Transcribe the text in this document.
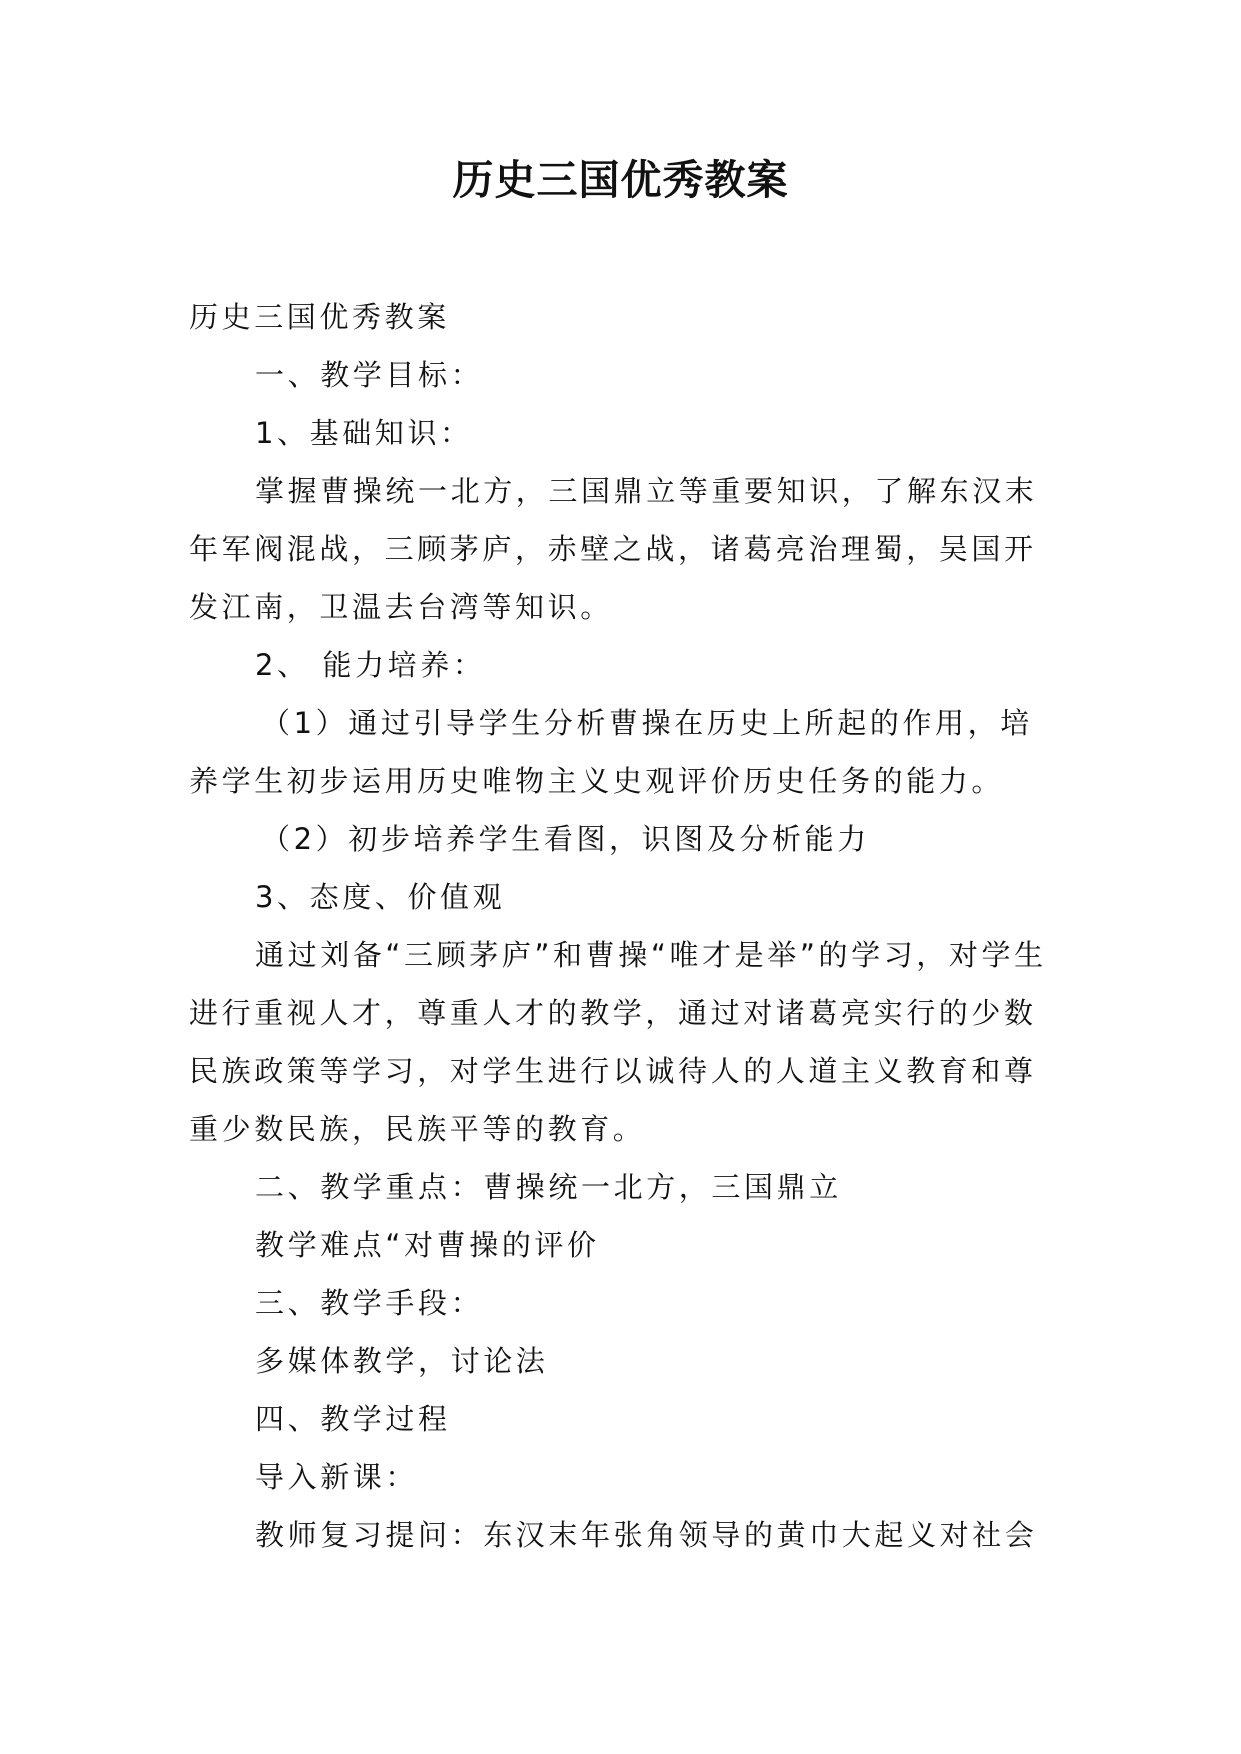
历史三国优秀教案

历史三国优秀教案

一、教学目标：

1、基础知识：

掌握曹操统一北方，三国鼎立等重要知识，了解东汉末年军阀混战，三顾茅庐，赤壁之战，诸葛亮治理蜀，吴国开发江南，卫温去台湾等知识。

2、 能力培养：

（1）通过引导学生分析曹操在历史上所起的作用，培养学生初步运用历史唯物主义史观评价历史任务的能力。

（2）初步培养学生看图，识图及分析能力

3、态度、价值观

通过刘备“三顾茅庐”和曹操“唯才是举”的学习，对学生进行重视人才，尊重人才的教学，通过对诸葛亮实行的少数民族政策等学习，对学生进行以诚待人的人道主义教育和尊重少数民族，民族平等的教育。

二、教学重点：曹操统一北方，三国鼎立

教学难点“对曹操的评价

三、教学手段：

多媒体教学，讨论法

四、教学过程

导入新课：

教师复习提问：东汉末年张角领导的黄巾大起义对社会
